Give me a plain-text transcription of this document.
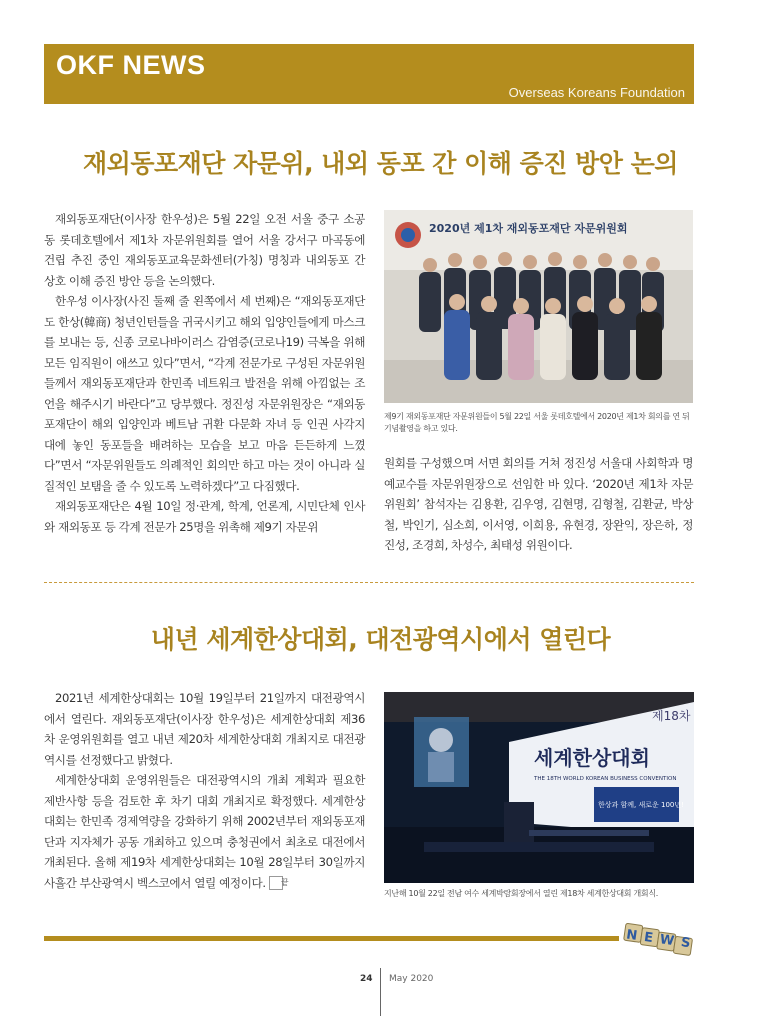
OKF NEWS
Overseas Koreans Foundation
재외동포재단 자문위, 내외 동포 간 이해 증진 방안 논의

재외동포재단(이사장 한우성)은 5월 22일 오전 서울 중구 소공동 롯데호텔에서 제1차 자문위원회를 열어 서울 강서구 마곡동에 건립 추진 중인 재외동포교육문화센터(가칭) 명칭과 내외동포 간 상호 이해 증진 방안 등을 논의했다.

한우성 이사장(사진 둘째 줄 왼쪽에서 세 번째)은 “재외동포재단도 한상(韓商) 청년인턴들을 귀국시키고 해외 입양인들에게 마스크를 보내는 등, 신종 코로나바이러스 감염증(코로나19) 극복을 위해 모든 임직원이 애쓰고 있다”면서, “각계 전문가로 구성된 자문위원들께서 재외동포재단과 한민족 네트워크 발전을 위해 아낌없는 조언을 해주시기 바란다”고 당부했다. 정진성 자문위원장은 “재외동포재단이 해외 입양인과 베트남 귀환 다문화 자녀 등 인권 사각지대에 놓인 동포들을 배려하는 모습을 보고 마음 든든하게 느꼈다”면서 “자문위원들도 의례적인 회의만 하고 마는 것이 아니라 실질적인 보탬을 줄 수 있도록 노력하겠다”고 다짐했다.

재외동포재단은 4월 10일 정·관계, 학계, 언론계, 시민단체 인사와 재외동포 등 각계 전문가 25명을 위촉해 제9기 자문위

2020년 제1차 재외동포재단 자문위원회
제9기 재외동포재단 자문위원들이 5월 22일 서울 롯데호텔에서 2020년 제1차 회의를 연 뒤 기념촬영을 하고 있다.

원회를 구성했으며 서면 회의를 거쳐 정진성 서울대 사회학과 명예교수를 자문위원장으로 선임한 바 있다. ‘2020년 제1차 자문위원회’ 참석자는 김용환, 김우영, 김현명, 김형철, 김환균, 박상철, 박인기, 심소희, 이서영, 이희용, 유현경, 장완익, 장은하, 정진성, 조경희, 차성수, 최태성 위원이다.

내년 세계한상대회, 대전광역시에서 열린다

2021년 세계한상대회는 10월 19일부터 21일까지 대전광역시에서 열린다. 재외동포재단(이사장 한우성)은 세계한상대회 제36차 운영위원회를 열고 내년 제20차 세계한상대회 개최지로 대전광역시를 선정했다고 밝혔다.

세계한상대회 운영위원들은 대전광역시의 개최 계획과 필요한 제반사항 등을 검토한 후 차기 대회 개최지로 확정했다. 세계한상대회는 한민족 경제역량을 강화하기 위해 2002년부터 재외동포재단과 지자체가 공동 개최하고 있으며 충청권에서 최초로 대전에서 개최된다. 올해 제19차 세계한상대회는 10월 28일부터 30일까지 사흘간 부산광역시 벡스코에서 열릴 예정이다. 끝

제18차
세계한상대회
THE 18TH WORLD KOREAN BUSINESS CONVENTION
한상과 함께, 새로운 100년!
지난해 10월 22일 전남 여수 세계박람회장에서 열린 제18차 세계한상대회 개회식.
NEWS
24 May 2020
